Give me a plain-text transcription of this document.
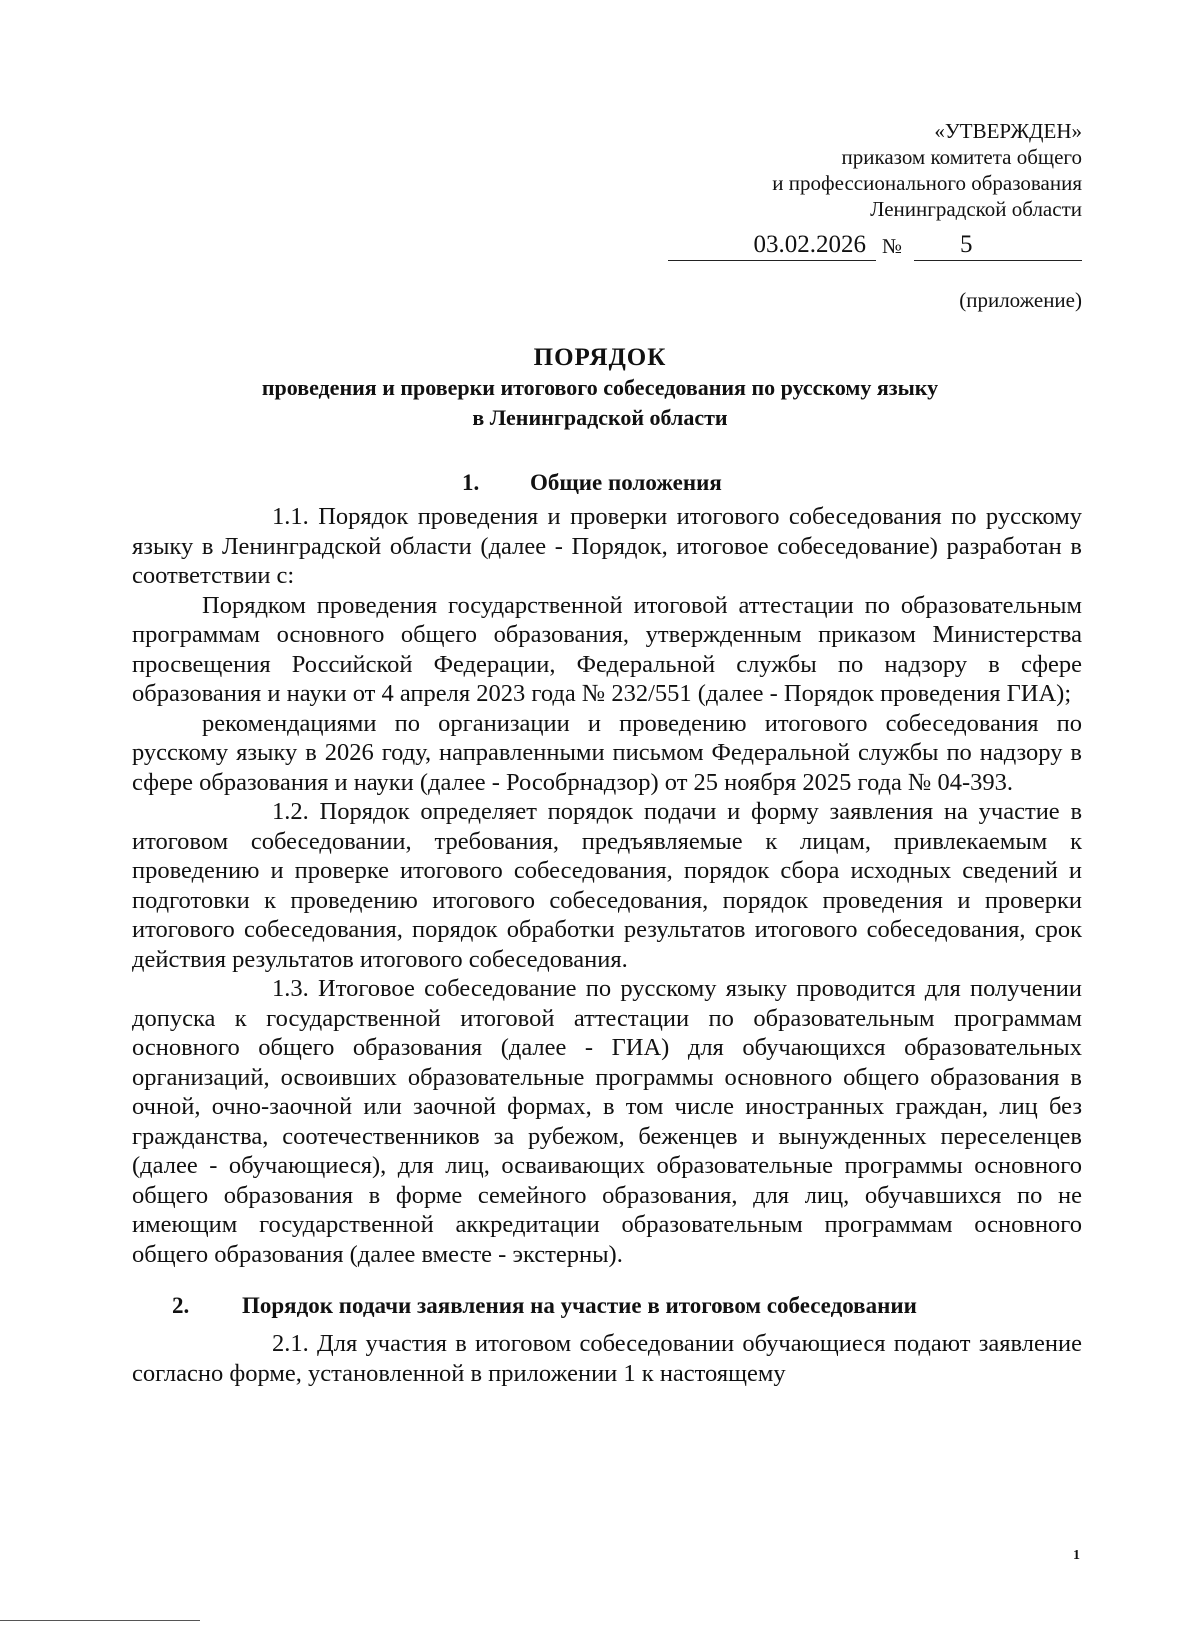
«УТВЕРЖДЕН»
приказом комитета общего
и профессионального образования
Ленинградской области
03.02.2026 №	5
(приложение)
ПОРЯДОК
проведения и проверки итогового собеседования по русскому языку
в Ленинградской области
1.	Общие положения

1.1. Порядок проведения и проверки итогового собеседования по русскому языку в Ленинградской области (далее - Порядок, итоговое собеседование) разработан в соответствии с:

Порядком проведения государственной итоговой аттестации по образовательным программам основного общего образования, утвержденным приказом Министерства просвещения Российской Федерации, Федеральной службы по надзору в сфере образования и науки от 4 апреля 2023 года № 232/551 (далее - Порядок проведения ГИА);

рекомендациями по организации и проведению итогового собеседования по русскому языку в 2026 году, направленными письмом Федеральной службы по надзору в сфере образования и науки (далее - Рособрнадзор) от 25 ноября 2025 года № 04-393.

1.2. Порядок определяет порядок подачи и форму заявления на участие в итоговом собеседовании, требования, предъявляемые к лицам, привлекаемым к проведению и проверке итогового собеседования, порядок сбора исходных сведений и подготовки к проведению итогового собеседования, порядок проведения и проверки итогового собеседования, порядок обработки результатов итогового собеседования, срок действия результатов итогового собеседования.

1.3. Итоговое собеседование по русскому языку проводится для получении допуска к государственной итоговой аттестации по образовательным программам основного общего образования (далее - ГИА) для обучающихся образовательных организаций, освоивших образовательные программы основного общего образования в очной, очно-заочной или заочной формах, в том числе иностранных граждан, лиц без гражданства, соотечественников за рубежом, беженцев и вынужденных переселенцев (далее - обучающиеся), для лиц, осваивающих образовательные программы основного общего образования в форме семейного образования, для лиц, обучавшихся по не имеющим государственной аккредитации образовательным программам основного общего образования (далее вместе - экстерны).

2.	Порядок подачи заявления на участие в итоговом собеседовании

2.1. Для участия в итоговом собеседовании обучающиеся подают заявление согласно форме, установленной в приложении 1 к настоящему

1
